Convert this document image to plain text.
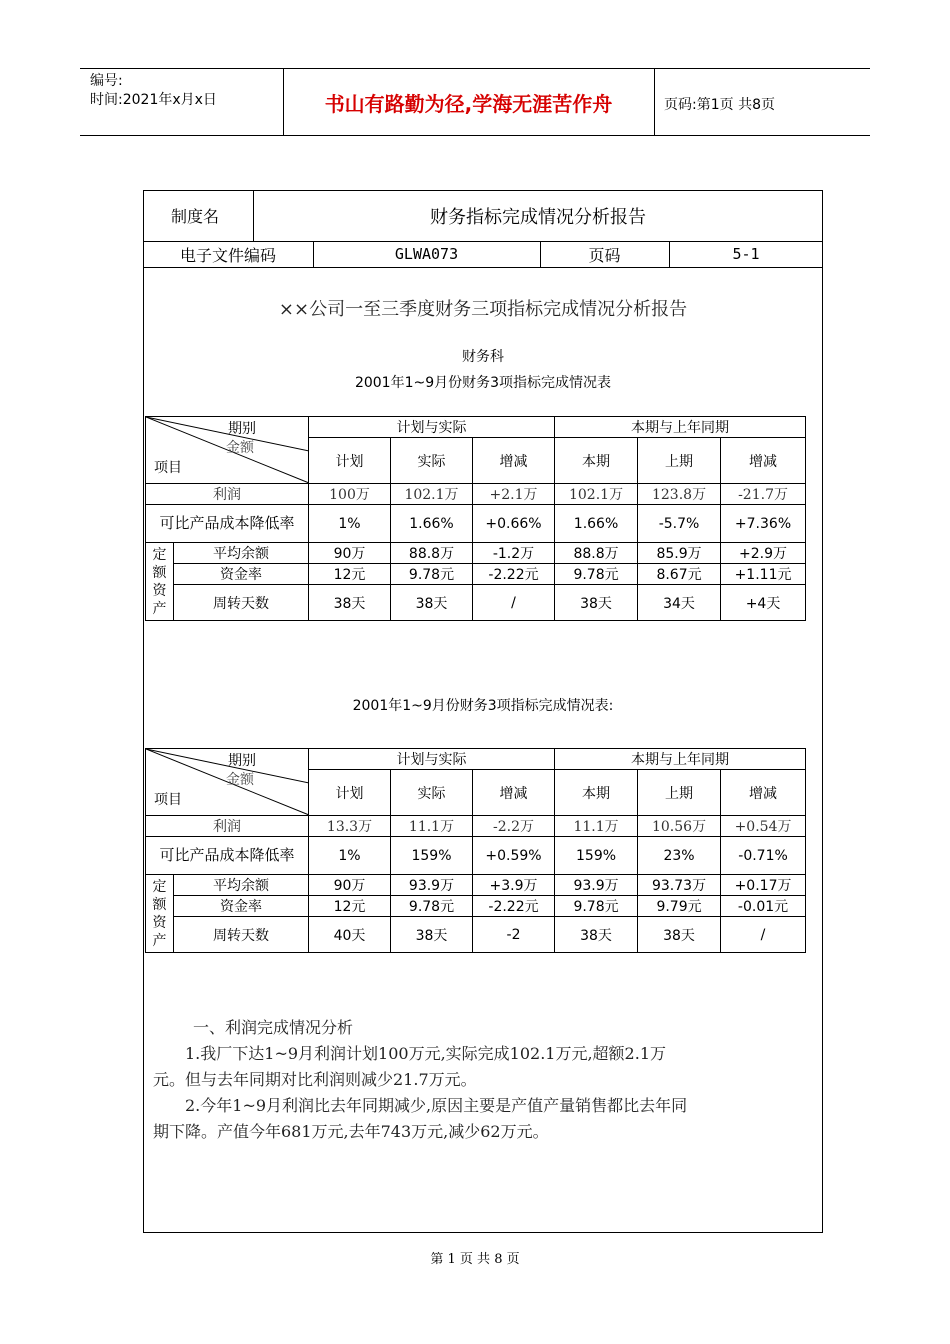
编号:
时间:2021年x月x日	书山有路勤为径,学海无涯苦作舟	页码:第1页 共8页
制度名	财务指标完成情况分析报告
电子文件编码	GLWA073	页码	5-1
××公司一至三季度财务三项指标完成情况分析报告
财务科
2001年1~9月份财务3项指标完成情况表
期别
金额
项目		计划与实际			本期与上年同期		
		计划	实际	增减	本期	上期	增减
利润		100万	102.1万	+2.1万	102.1万	123.8万	-21.7万
可比产品成本降低率		1%	1.66%	+0.66%	1.66%	-5.7%	+7.36%
定
额
资
产	平均余额	90万	88.8万	-1.2万	88.8万	85.9万	+2.9万
	资金率	12元	9.78元	-2.22元	9.78元	8.67元	+1.11元
	周转天数	38天	38天	/	38天	34天	+4天
2001年1~9月份财务3项指标完成情况表:
期别
金额
项目		计划与实际			本期与上年同期		
		计划	实际	增减	本期	上期	增减
利润		13.3万	11.1万	-2.2万	11.1万	10.56万	+0.54万
可比产品成本降低率		1%	159%	+0.59%	159%	23%	-0.71%
定
额
资
产	平均余额	90万	93.9万	+3.9万	93.9万	93.73万	+0.17万
	资金率	12元	9.78元	-2.22元	9.78元	9.79元	-0.01元
	周转天数	40天	38天	-2	38天	38天	/
一、利润完成情况分析
1.我厂下达1~9月利润计划100万元,实际完成102.1万元,超额2.1万
元。但与去年同期对比利润则减少21.7万元。
2.今年1~9月利润比去年同期减少,原因主要是产值产量销售都比去年同
期下降。产值今年681万元,去年743万元,减少62万元。
第 1 页 共 8 页
